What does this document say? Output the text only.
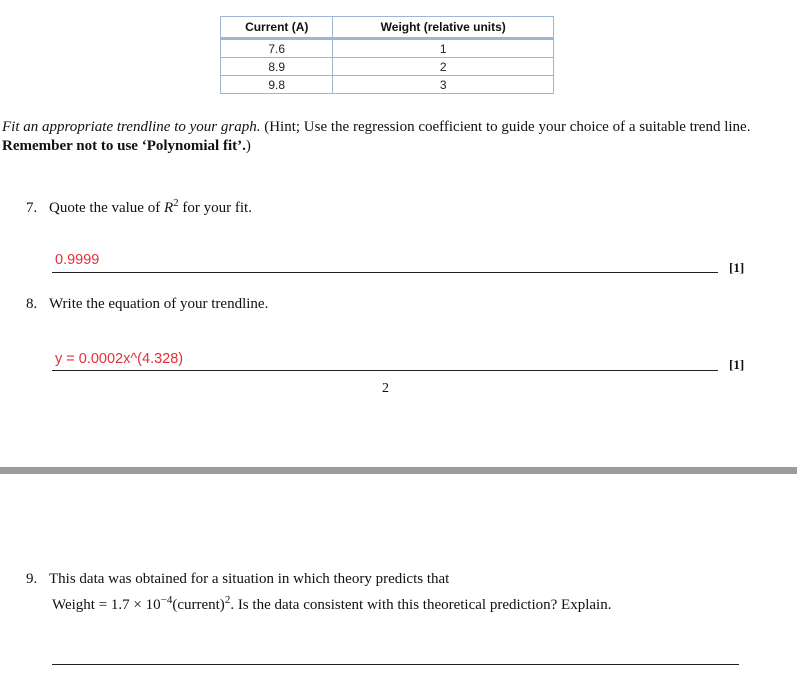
Current (A)	Weight (relative units)
7.6	1
8.9	2
9.8	3
Fit an appropriate trendline to your graph. (Hint; Use the regression coefficient to guide your choice of a suitable trend line. Remember not to use ‘Polynomial fit’.)
7. Quote the value of $R^2$ for your fit.
0.9999	[1]
8. Write the equation of your trendline.
y = 0.0002x^(4.328)	[1]
2
9. This data was obtained for a situation in which theory predicts that
Weight = $1.7 \times 10^{-4}(current)^2$. Is the data consistent with this theoretical prediction? Explain.
